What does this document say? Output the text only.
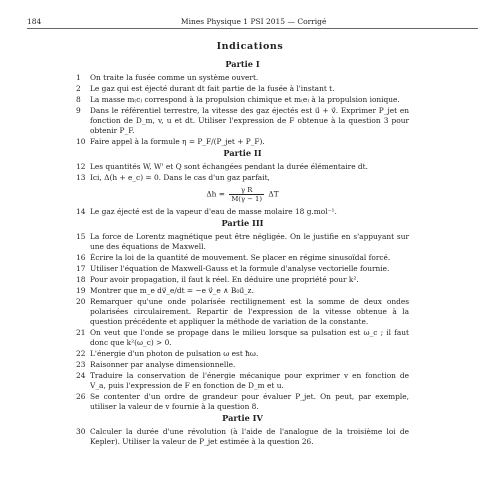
184	Mines Physique 1 PSI 2015 — Corrigé
Indications
Partie I
1	On traite la fusée comme un système ouvert.
2	Le gaz qui est éjecté durant dt fait partie de la fusée à l'instant t.
8	La masse m₍c₎ correspond à la propulsion chimique et m₍e₎ à la propulsion ionique.
9	Dans le référentiel terrestre, la vitesse des gaz éjectés est u⃗ + v⃗. Exprimer P_jet en fonction de D_m, v, u et dt. Utiliser l'expression de F obtenue à la question 3 pour obtenir P_F.
10 Faire appel à la formule η = P_F/(P_jet + P_F).
Partie II
12 Les quantités W, W' et Q sont échangées pendant la durée élémentaire dt.
13 Ici, Δ(h + e_c) = 0. Dans le cas d'un gaz parfait,
$\Delta h = \frac{\text{γ R}}{M(\gamma - 1)}$ ΔT
14 Le gaz éjecté est de la vapeur d'eau de masse molaire 18 g.mol⁻¹.
Partie III
15 La force de Lorentz magnétique peut être négligée. On le justifie en s'appuyant sur une des équations de Maxwell.
16 Écrire la loi de la quantité de mouvement. Se placer en régime sinusoïdal forcé.
17 Utiliser l'équation de Maxwell-Gauss et la formule d'analyse vectorielle fournie.
18 Pour avoir propagation, il faut k réel. En déduire une propriété pour k².
19 Montrer que m_e dv⃗_e/dt = −e v⃗_e ∧ B₀u⃗_z.
20 Remarquer qu'une onde polarisée rectilignement est la somme de deux ondes polarisées circulairement. Repartir de l'expression de la vitesse obtenue à la question précédente et appliquer la méthode de variation de la constante.
21 On veut que l'onde se propage dans le milieu lorsque sa pulsation est ω_c ; il faut donc que k²(ω_c) > 0.
22 L'énergie d'un photon de pulsation ω est ħω.
23 Raisonner par analyse dimensionnelle.
24 Traduire la conservation de l'énergie mécanique pour exprimer v en fonction de V_a, puis l'expression de F en fonction de D_m et u.
26 Se contenter d'un ordre de grandeur pour évaluer P_jet. On peut, par exemple, utiliser la valeur de v fournie à la question 8.
Partie IV
30 Calculer la durée d'une révolution (à l'aide de l'analogue de la troisième loi de Kepler). Utiliser la valeur de P_jet estimée à la question 26.
